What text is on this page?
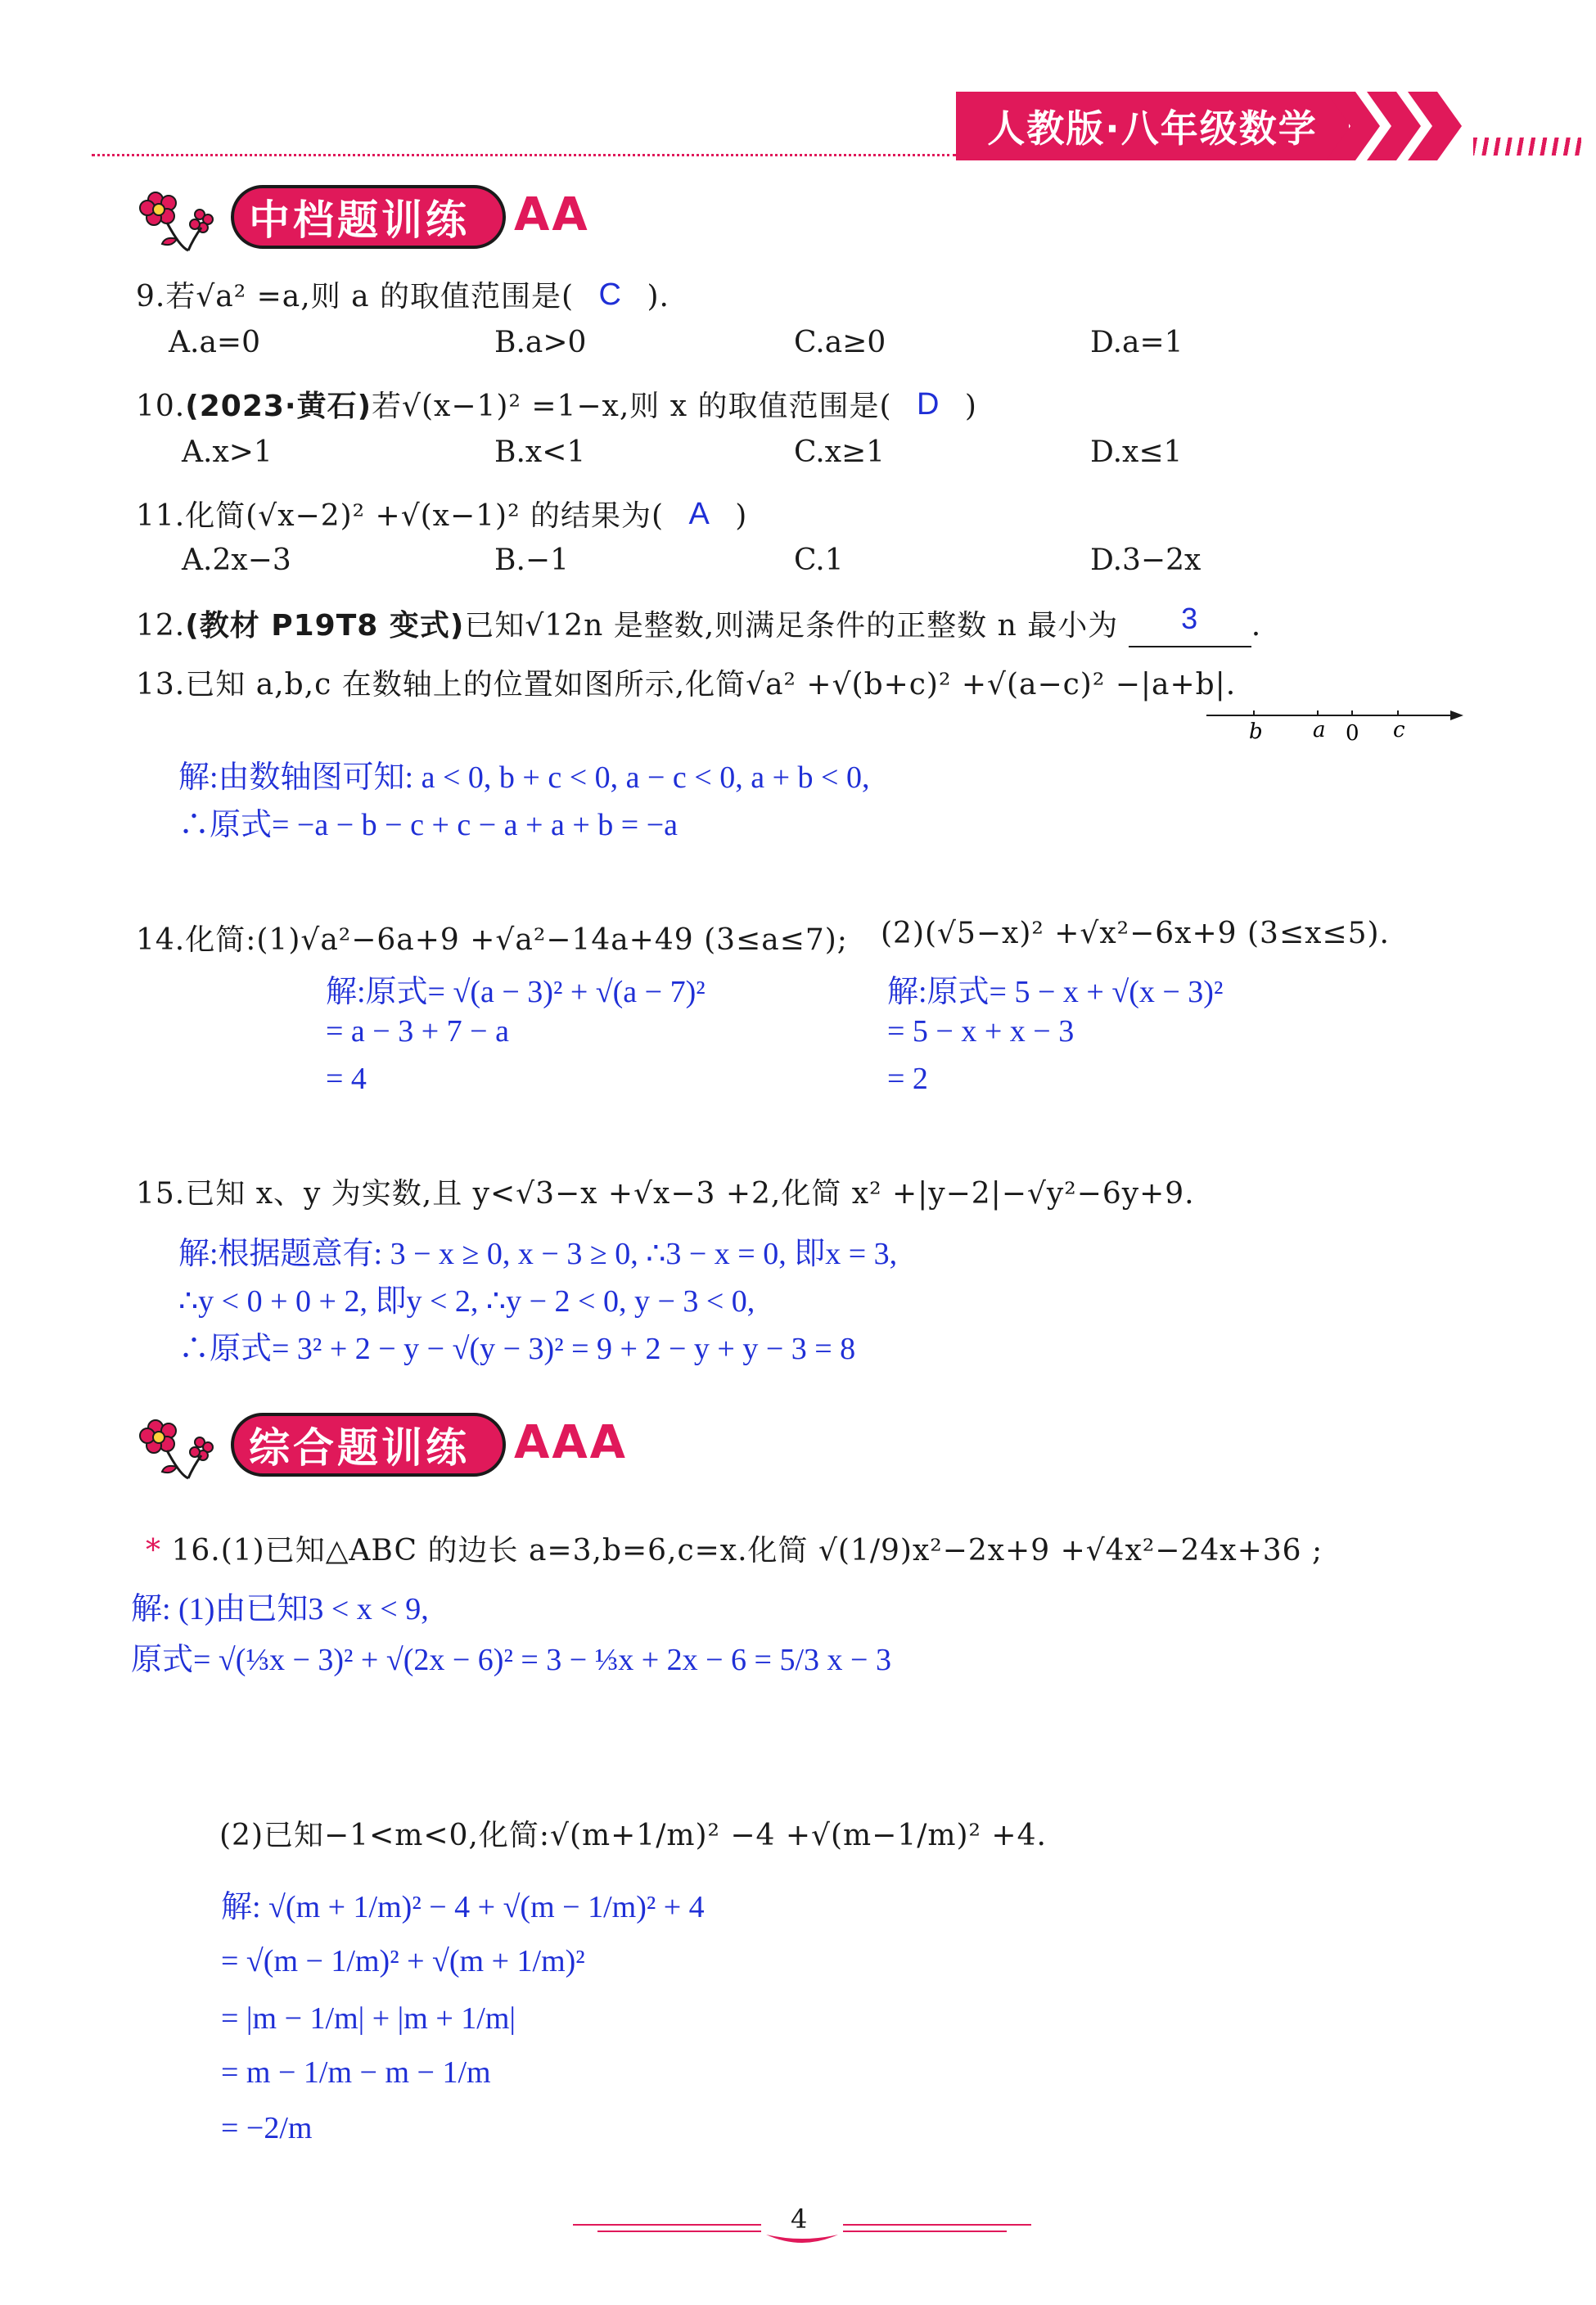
人教版·八年级数学
中档题训练 AA
9.若√a² =a,则 a 的取值范围是( C ).
A.a=0	B.a>0	C.a≥0	D.a=1
10.(2023·黄石)若√(x−1)² =1−x,则 x 的取值范围是( D )
A.x>1	B.x<1	C.x≥1	D.x≤1
11.化简(√x−2)² +√(x−1)² 的结果为( A )
A.2x−3	B.−1	C.1	D.3−2x
12.(教材 P19T8 变式)已知√12n 是整数,则满足条件的正整数 n 最小为 3 .
13.已知 a,b,c 在数轴上的位置如图所示,化简√a² +√(b+c)² +√(a−c)² −|a+b|.
b a 0 c
解:由数轴图可知: a < 0, b + c < 0, a − c < 0, a + b < 0,
∴原式= −a − b − c + c − a + a + b = −a
14.化简:(1)√a²−6a+9 +√a²−14a+49 (3≤a≤7); (2)(√5−x)² +√x²−6x+9 (3≤x≤5).
解:原式= √(a − 3)² + √(a − 7)²
= a − 3 + 7 − a
= 4
解:原式= 5 − x + √(x − 3)²
= 5 − x + x − 3
= 2
15.已知 x、y 为实数,且 y<√3−x +√x−3 +2,化简 x² +|y−2|−√y²−6y+9.
解:根据题意有: 3 − x ≥ 0, x − 3 ≥ 0, ∴3 − x = 0, 即x = 3,
∴y < 0 + 0 + 2, 即y < 2, ∴y − 2 < 0, y − 3 < 0,
∴原式= 3² + 2 − y − √(y − 3)² = 9 + 2 − y + y − 3 = 8
综合题训练 AAA
* 16.(1)已知△ABC 的边长 a=3,b=6,c=x.化简 √(1/9)x²−2x+9 +√4x²−24x+36 ;
解: (1)由已知3 < x < 9,
原式= √(⅓x − 3)² + √(2x − 6)² = 3 − ⅓x + 2x − 6 = 5/3 x − 3
(2)已知−1<m<0,化简:√(m+1/m)² −4 +√(m−1/m)² +4.
解: √(m + 1/m)² − 4 + √(m − 1/m)² + 4
= √(m − 1/m)² + √(m + 1/m)²
= |m − 1/m| + |m + 1/m|
= m − 1/m − m − 1/m
= −2/m
4
